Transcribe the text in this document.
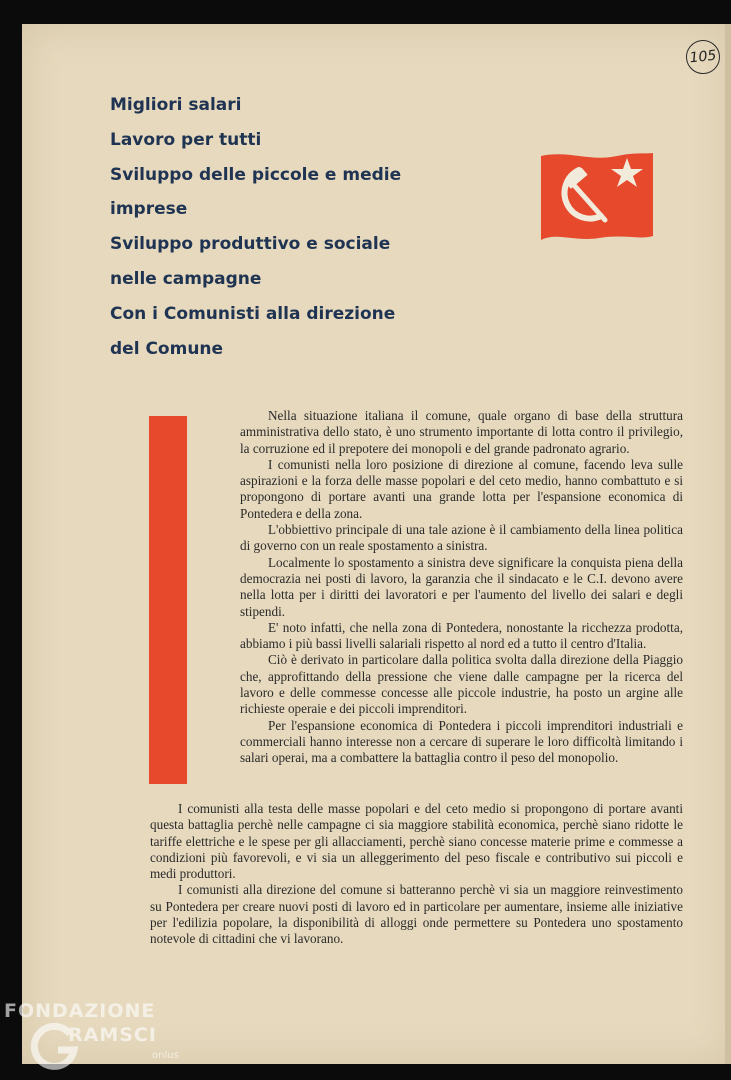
105
Migliori salari
Lavoro per tutti
Sviluppo delle piccole e medie
imprese
Sviluppo produttivo e sociale
nelle campagne
Con i Comunisti alla direzione
del Comune

Nella situazione italiana il comune, quale organo di base della struttura amministrativa dello stato, è uno strumento importante di lotta contro il privilegio, la corruzione ed il prepotere dei monopoli e del grande padronato agrario.

I comunisti nella loro posizione di direzione al comune, facendo leva sulle aspirazioni e la forza delle masse popolari e del ceto medio, hanno combattuto e si propongono di portare avanti una grande lotta per l'espansione economica di Pontedera e della zona.

L'obbiettivo principale di una tale azione è il cambiamento della linea politica di governo con un reale spostamento a sinistra.

Localmente lo spostamento a sinistra deve significare la conquista piena della democrazia nei posti di lavoro, la garanzia che il sindacato e le C.I. devono avere nella lotta per i diritti dei lavoratori e per l'aumento del livello dei salari e degli stipendi.

E' noto infatti, che nella zona di Pontedera, nonostante la ricchezza prodotta, abbiamo i più bassi livelli salariali rispetto al nord ed a tutto il centro d'Italia.

Ciò è derivato in particolare dalla politica svolta dalla direzione della Piaggio che, approfittando della pressione che viene dalle campagne per la ricerca del lavoro e delle commesse concesse alle piccole industrie, ha posto un argine alle richieste operaie e dei piccoli imprenditori.

Per l'espansione economica di Pontedera i piccoli imprenditori industriali e commerciali hanno interesse non a cercare di superare le loro difficoltà limitando i salari operai, ma a combattere la battaglia contro il peso del monopolio.

I comunisti alla testa delle masse popolari e del ceto medio si propongono di portare avanti questa battaglia perchè nelle campagne ci sia maggiore stabilità economica, perchè siano ridotte le tariffe elettriche e le spese per gli allacciamenti, perchè siano concesse materie prime e commesse a condizioni più favorevoli, e vi sia un alleggerimento del peso fiscale e contributivo sui piccoli e medi produttori.

I comunisti alla direzione del comune si batteranno perchè vi sia un maggiore reinvestimento su Pontedera per creare nuovi posti di lavoro ed in particolare per aumentare, insieme alle iniziative per l'edilizia popolare, la disponibilità di alloggi onde permettere su Pontedera uno spostamento notevole di cittadini che vi lavorano.

FONDAZIONE
RAMSCI
onlus
